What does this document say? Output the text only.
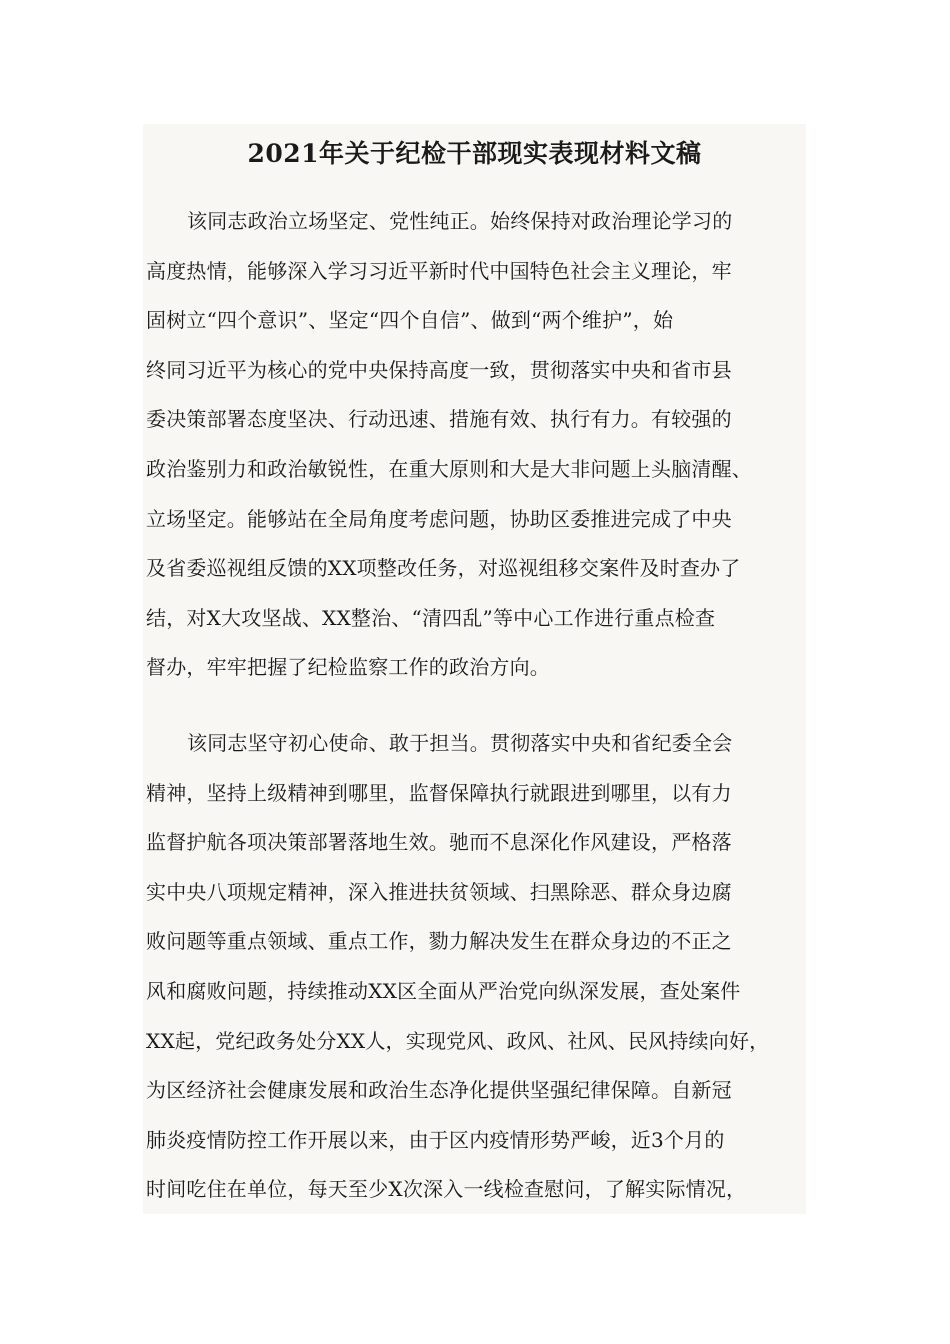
2021年关于纪检干部现实表现材料文稿
该同志政治立场坚定、党性纯正。始终保持对政治理论学习的
高度热情，能够深入学习习近平新时代中国特色社会主义理论，牢
固树立“四个意识”、坚定“四个自信”、做到“两个维护”，始
终同习近平为核心的党中央保持高度一致，贯彻落实中央和省市县
委决策部署态度坚决、行动迅速、措施有效、执行有力。有较强的
政治鉴别力和政治敏锐性，在重大原则和大是大非问题上头脑清醒、
立场坚定。能够站在全局角度考虑问题，协助区委推进完成了中央
及省委巡视组反馈的XX项整改任务，对巡视组移交案件及时查办了
结，对X大攻坚战、XX整治、“清四乱”等中心工作进行重点检查
督办，牢牢把握了纪检监察工作的政治方向。
该同志坚守初心使命、敢于担当。贯彻落实中央和省纪委全会
精神，坚持上级精神到哪里，监督保障执行就跟进到哪里，以有力
监督护航各项决策部署落地生效。驰而不息深化作风建设，严格落
实中央八项规定精神，深入推进扶贫领域、扫黑除恶、群众身边腐
败问题等重点领域、重点工作，勠力解决发生在群众身边的不正之
风和腐败问题，持续推动XX区全面从严治党向纵深发展，查处案件
XX起，党纪政务处分XX人，实现党风、政风、社风、民风持续向好，
为区经济社会健康发展和政治生态净化提供坚强纪律保障。自新冠
肺炎疫情防控工作开展以来，由于区内疫情形势严峻，近3个月的
时间吃住在单位，每天至少X次深入一线检查慰问，了解实际情况，
